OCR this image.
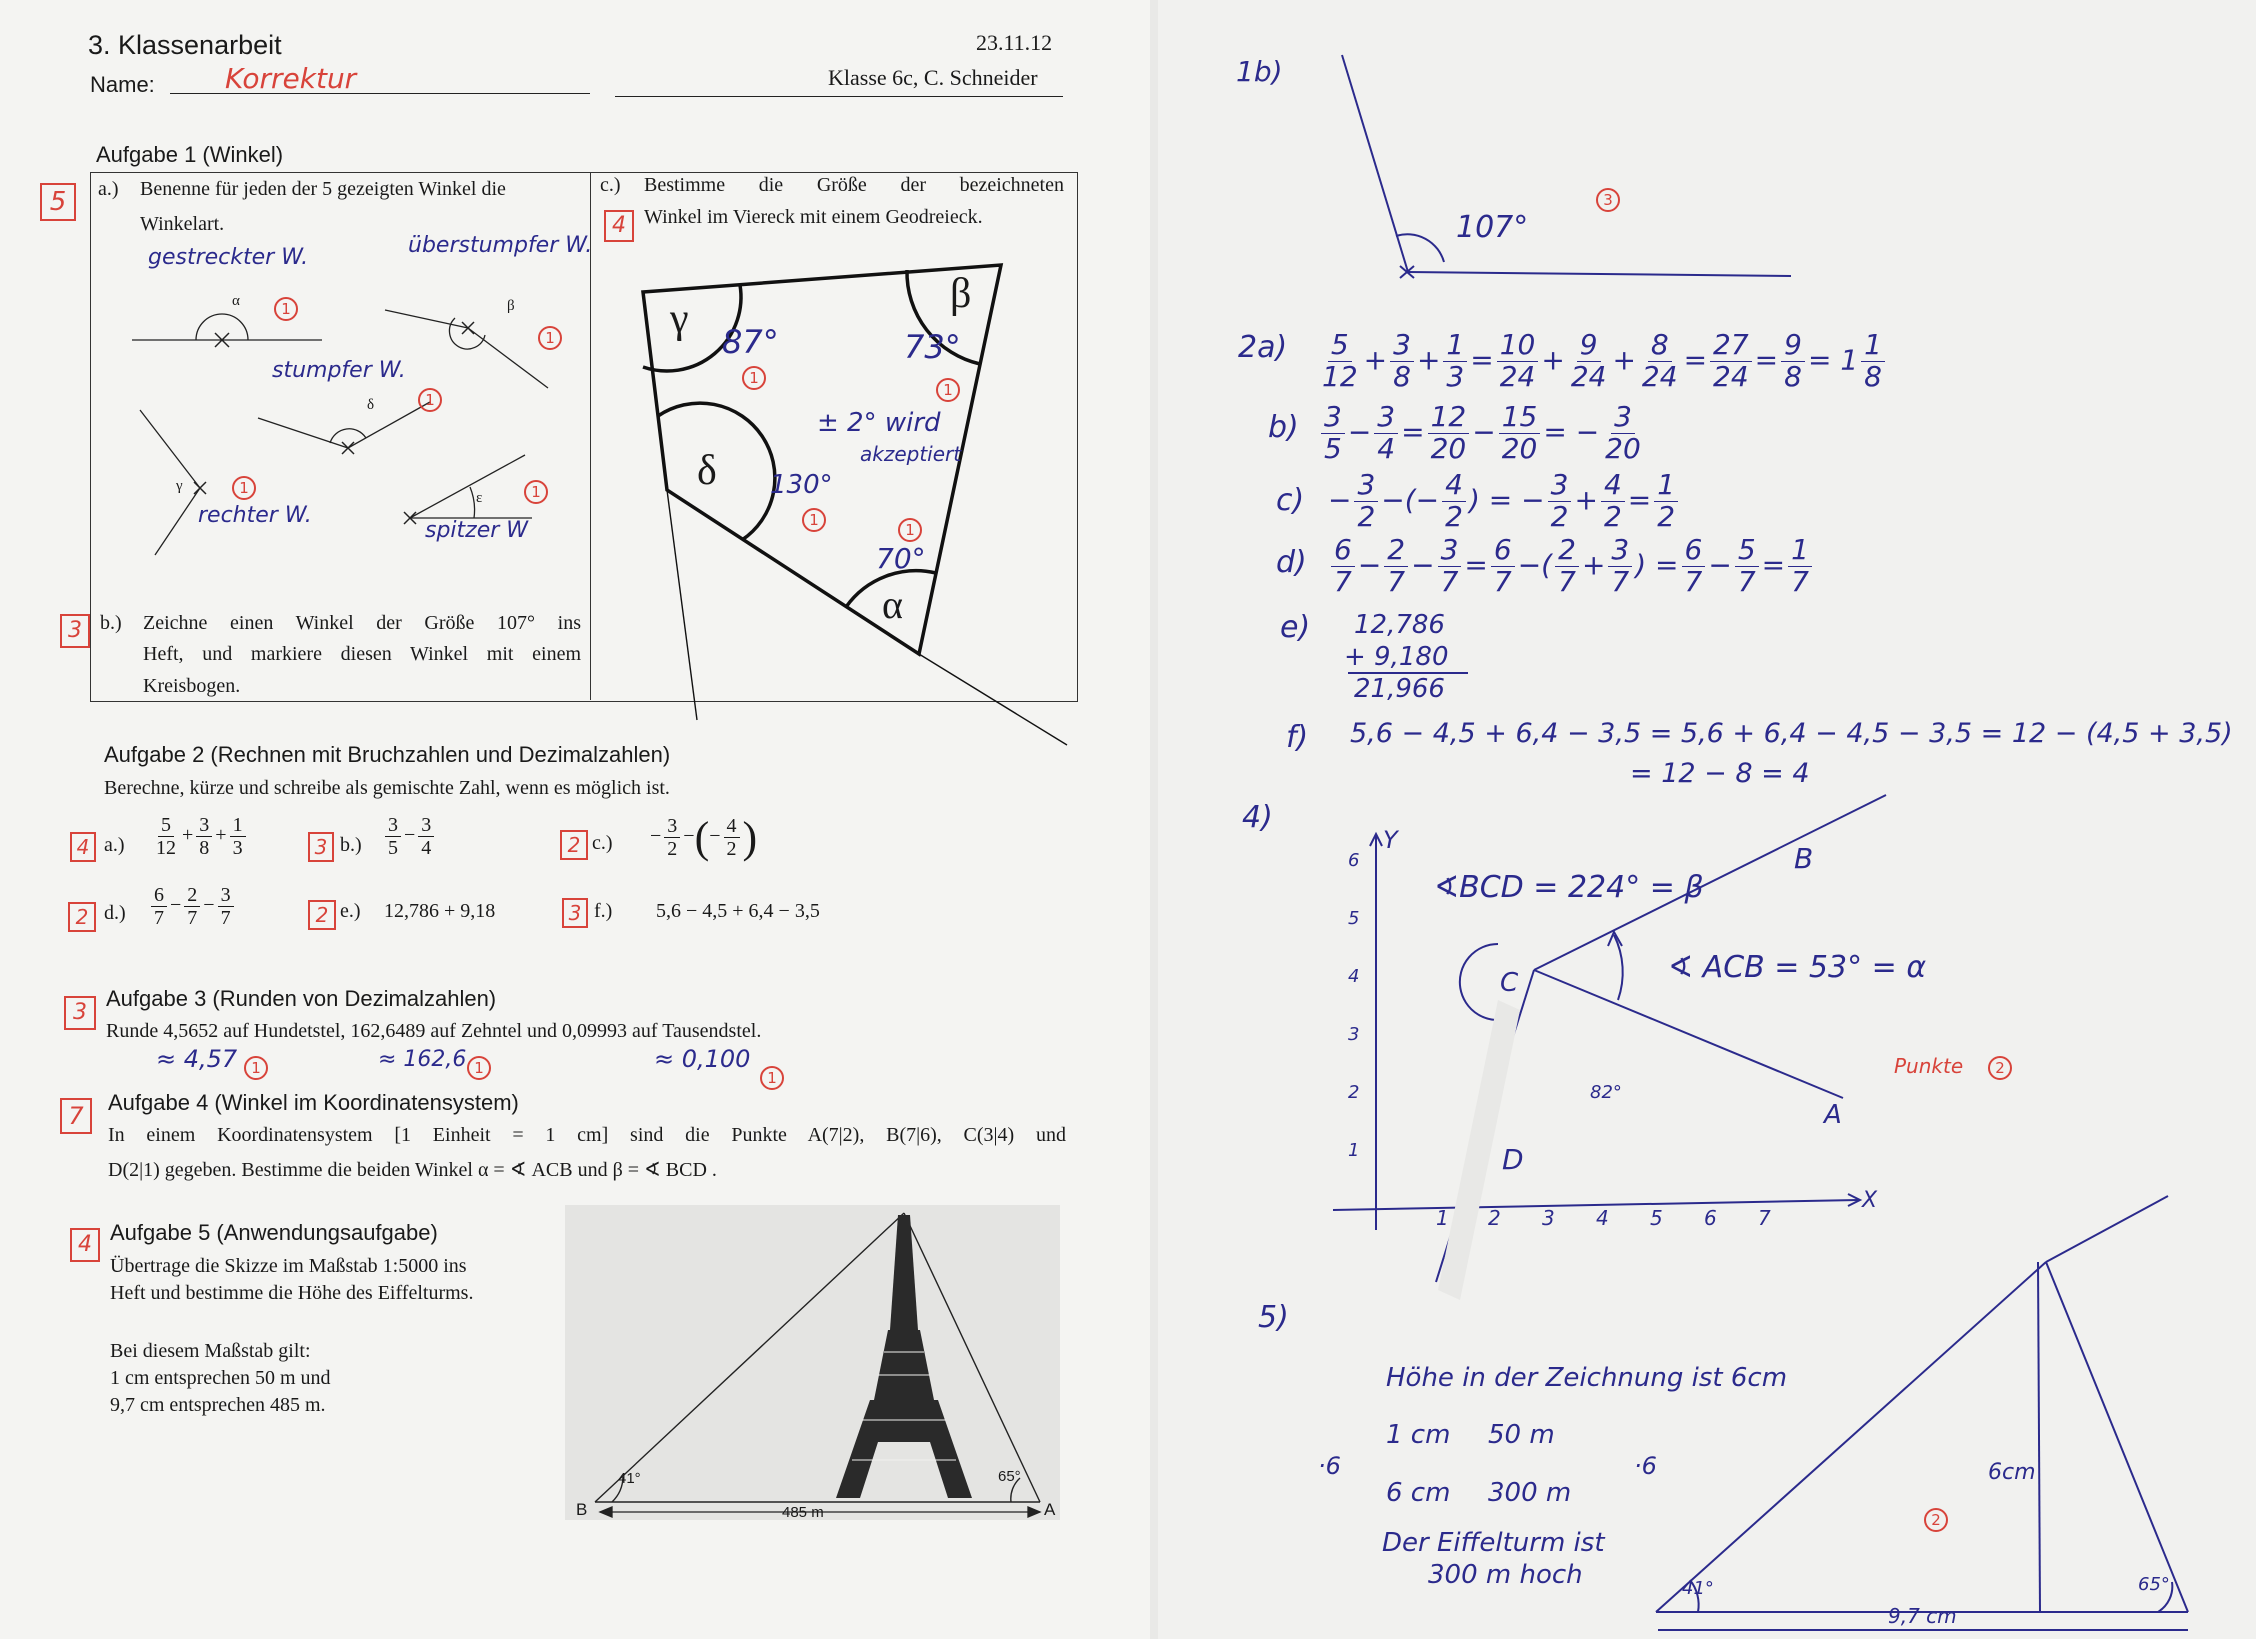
3. Klassenarbeit	23.11.12
Name:	Korrektur	Klasse 6c, C. Schneider
Aufgabe 1 (Winkel)
5	a.) Benenne für jeden der 5 gezeigten Winkel die
Winkelart.
c.) Bestimme die Größe der bezeichneten
4 Winkel im Viereck mit einem Geodreieck.
gestreckter W.	überstumpfer W.
stumpfer W.
rechter W.
spitzer W
α	β
δ
γ
ε
1
1
1
1	1
γ
β
δ
α
87°	73°
130°
70°
1
1
1
1
± 2° wird
akzeptiert
3 b.) Zeichne einen Winkel der Größe 107° ins
Heft, und markiere diesen Winkel mit einem
Kreisbogen.
Aufgabe 2 (Rechnen mit Bruchzahlen und Dezimalzahlen)
Berechne, kürze und schreibe als gemischte Zahl, wenn es möglich ist.
4 $a.) \frac{5}{12} + \frac{3}{8} + \frac{1}{3}$	3 $b.) \frac{3}{5} - \frac{3}{4}$	2 $c.) - \frac{3}{2}$ −(− $\frac{4}{2}$ )
2 $d.) \frac{6}{7} - \frac{2}{7} - \frac{3}{7}$	2 e.) 12,786 + 9,18	3 f.) 5,6 − 4,5 + 6,4 − 3,5
3
Aufgabe 3 (Runden von Dezimalzahlen)
Runde 4,5652 auf Hundetstel, 162,6489 auf Zehntel und 0,09993 auf Tausendstel.
≈ 4,57	≈ 162,6	≈ 0,100
1	1
1
7	Aufgabe 4 (Winkel im Koordinatensystem)
In einem Koordinatensystem [1 Einheit = 1 cm] sind die Punkte A(7|2), B(7|6), C(3|4) und
D(2|1) gegeben. Bestimme die beiden Winkel α = ∢ ACB und β = ∢ BCD .
4 Aufgabe 5 (Anwendungsaufgabe)
Übertrage die Skizze im Maßstab 1:5000 ins
Heft und bestimme die Höhe des Eiffelturms.
Bei diesem Maßstab gilt:
1 cm entsprechen 50 m und
9,7 cm entsprechen 485 m.
41°	65°
B	A
485 m
1b)
107°
3
$2a) \frac{5}{12} + \frac{3}{8} + \frac{1}{3} = \frac{10}{24} + \frac{9}{24} + \frac{8}{24} = \frac{27}{24} = \frac{9}{8} = 1 \frac{1}{8}$
$b) \frac{3}{5} - \frac{3}{4} = \frac{12}{20} - \frac{15}{20}$ = − $\frac{3}{20}$
$c) - \frac{3}{2}$ −(− $\frac{4}{2}$ ) = − $\frac{3}{2} + \frac{4}{2} = \frac{1}{2}$
$d) \frac{6}{7} - \frac{2}{7} - \frac{3}{7} = \frac{6}{7}$ −( $\frac{2}{7} + \frac{3}{7}$ ) = $\frac{6}{7} - \frac{5}{7} = \frac{1}{7}$
e) 12,786
+ 9,180
21,966
f) 5,6 − 4,5 + 6,4 − 3,5 = 5,6 + 6,4 − 4,5 − 3,5 = 12 − (4,5 + 3,5)
= 12 − 8 = 4
4)
Y
X
A
B
C
D
1 2 3 4 5 6 7
1
2
3
4
5
6
∢BCD = 224° = β
∢ ACB = 53° = α
82°
Punkte	2
5)
Höhe in der Zeichnung ist 6cm
1 cm 50 m
6 cm 300 m
·6	·6
Der Eiffelturm ist
300 m hoch
6cm
9,7 cm
41°	65°
2
